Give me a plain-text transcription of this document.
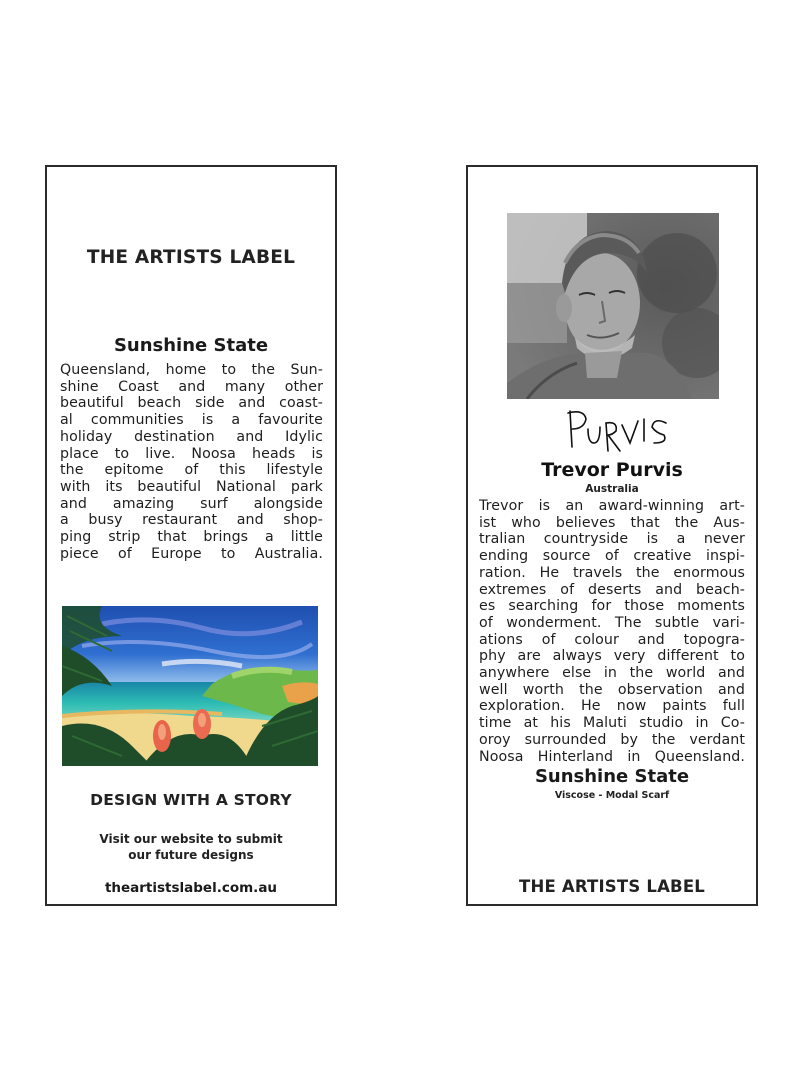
THE ARTISTS LABEL
Sunshine State
Queensland, home to the Sun-
shine Coast and many other
beautiful beach side and coast-
al communities is a favourite
holiday destination and Idylic
place to live. Noosa heads is
the epitome of this lifestyle
with its beautiful National park
and amazing surf alongside
a busy restaurant and shop-
ping strip that brings a little
piece of Europe to Australia.
DESIGN WITH A STORY
Visit our website to submit
our future designs
theartistslabel.com.au
Trevor Purvis
Australia
Trevor is an award-winning art-
ist who believes that the Aus-
tralian countryside is a never
ending source of creative inspi-
ration. He travels the enormous
extremes of deserts and beach-
es searching for those moments
of wonderment. The subtle vari-
ations of colour and topogra-
phy are always very different to
anywhere else in the world and
well worth the observation and
exploration. He now paints full
time at his Maluti studio in Co-
oroy surrounded by the verdant
Noosa Hinterland in Queensland.
Sunshine State
Viscose - Modal Scarf
THE ARTISTS LABEL
